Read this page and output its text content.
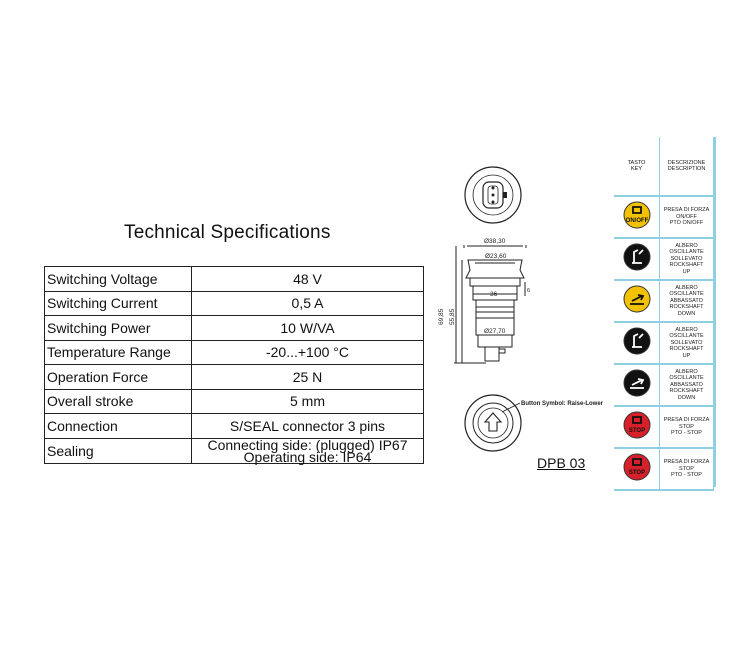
Technical Specifications
Switching Voltage	48 V
Switching Current	0,5 A
Switching Power	10 W/VA
Temperature Range	-20...+100 °C
Operation Force	25 N
Overall stroke	5 mm
Connection	S/SEAL connector 3 pins
Sealing	Connecting side: (plugged) IP67
Operating side: IP64
Ø38,30
Ø23,60
36	6
Ø27,70
69,85 55,85
Button Symbol: Raise-Lower
DPB 03
TASTO
KEY	DESCRIZIONE
DESCRIPTION

ON/OFF	PRESA DI FORZA
ON/OFF
PTO ON/OFF
	ALBERO
OSCILLANTE
SOLLEVATO
ROCKSHAFT
UP
	ALBERO
OSCILLANTE
ABBASSATO
ROCKSHAFT
DOWN
	ALBERO
OSCILLANTE
SOLLEVATO
ROCKSHAFT
UP
	ALBERO
OSCILLANTE
ABBASSATO
ROCKSHAFT
DOWN

STOP	PRESA DI FORZA
STOP
PTO - STOP

STOP	PRESA DI FORZA
STOP
PTO - STOP
